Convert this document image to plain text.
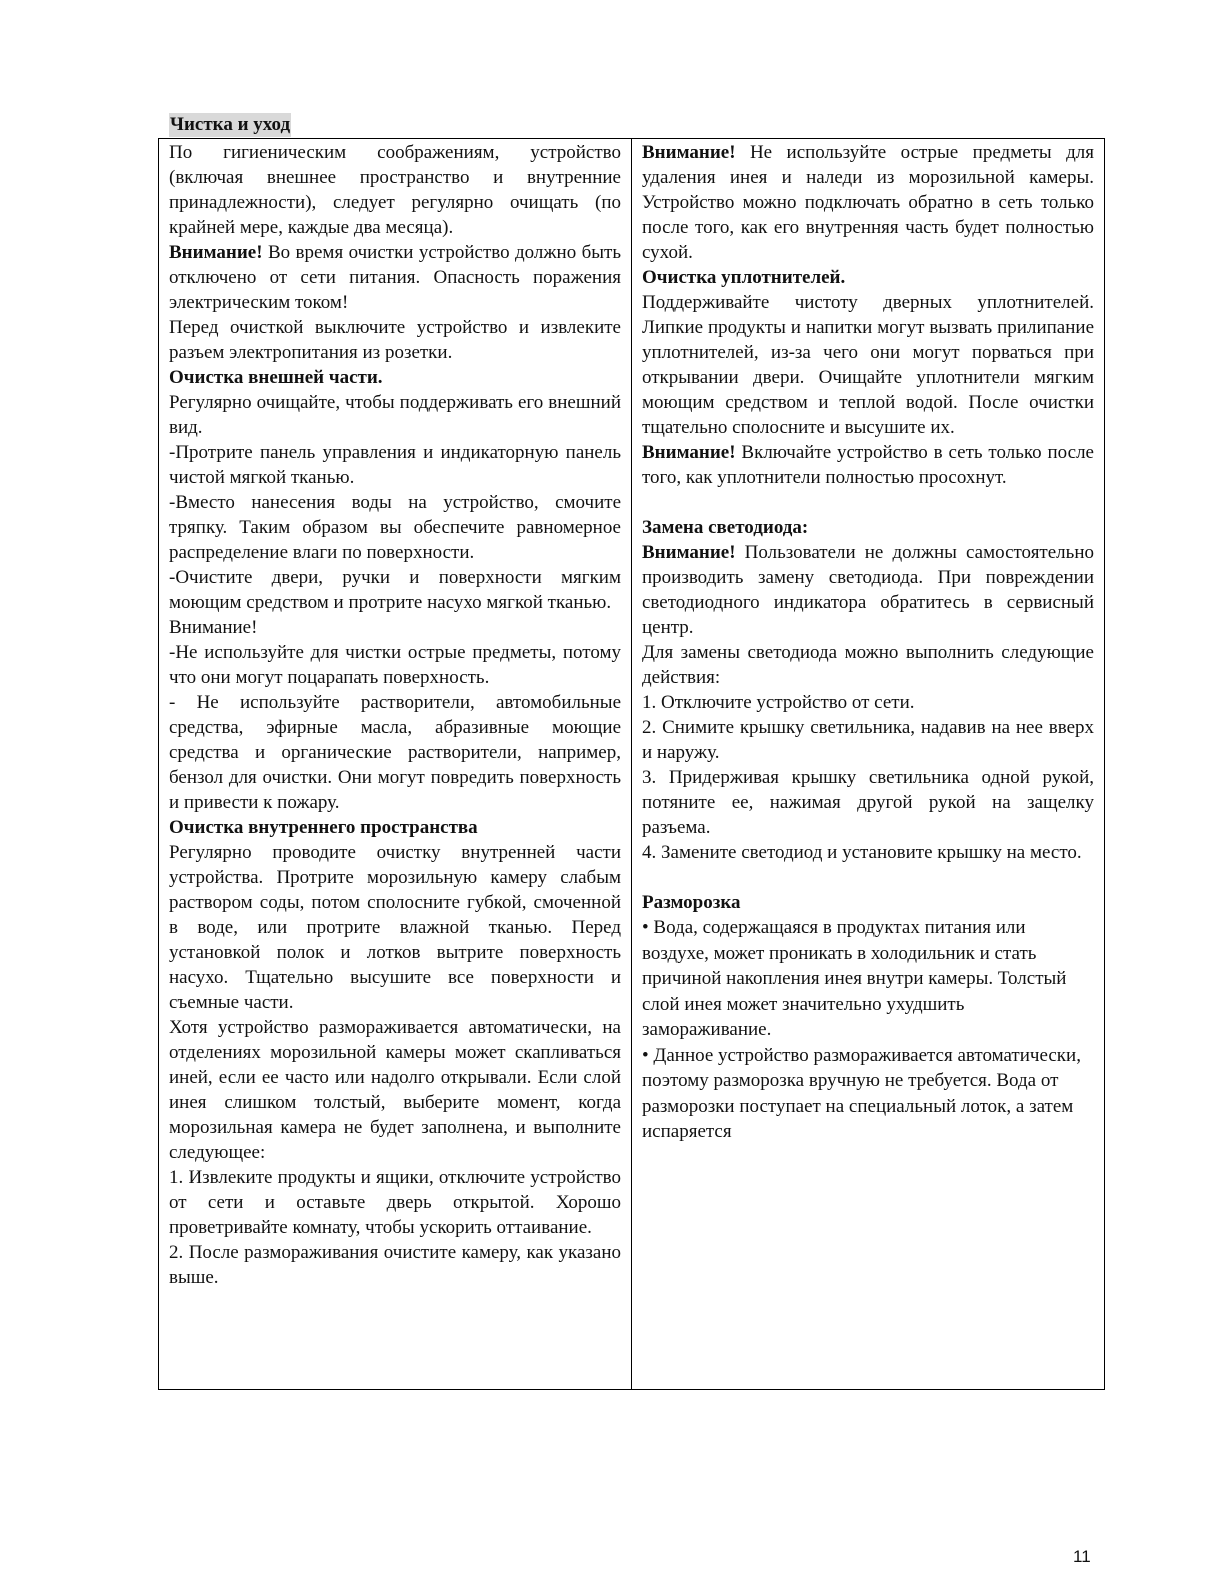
Чистка и уход

По гигиеническим соображениям, устройство (включая внешнее пространство и внутренние принадлежности), следует регулярно очищать (по крайней мере, каждые два месяца).

Внимание! Во время очистки устройство должно быть отключено от сети питания. Опасность поражения электрическим током!

Перед очисткой выключите устройство и извлеките разъем электропитания из розетки.

Очистка внешней части.

Регулярно очищайте, чтобы поддерживать его внешний вид.

-Протрите панель управления и индикаторную панель чистой мягкой тканью.

-Вместо нанесения воды на устройство, смочите тряпку. Таким образом вы обеспечите равномерное распределение влаги по поверхности.

-Очистите двери, ручки и поверхности мягким моющим средством и протрите насухо мягкой тканью.

Внимание!

-Не используйте для чистки острые предметы, потому что они могут поцарапать поверхность.

- Не используйте растворители, автомобильные средства, эфирные масла, абразивные моющие средства и органические растворители, например, бензол для очистки. Они могут повредить поверхность и привести к пожару.

Очистка внутреннего пространства

Регулярно проводите очистку внутренней части устройства. Протрите морозильную камеру слабым раствором соды, потом сполосните губкой, смоченной в воде, или протрите влажной тканью. Перед установкой полок и лотков вытрите поверхность насухо. Тщательно высушите все поверхности и съемные части.

Хотя устройство размораживается автоматически, на отделениях морозильной камеры может скапливаться иней, если ее часто или надолго открывали. Если слой инея слишком толстый, выберите момент, когда морозильная камера не будет заполнена, и выполните следующее:

1. Извлеките продукты и ящики, отключите устройство от сети и оставьте дверь открытой. Хорошо проветривайте комнату, чтобы ускорить оттаивание.

2. После размораживания очистите камеру, как указано выше.

Внимание! Не используйте острые предметы для удаления инея и наледи из морозильной камеры. Устройство можно подключать обратно в сеть только после того, как его внутренняя часть будет полностью сухой.

Очистка уплотнителей.

Поддерживайте чистоту дверных уплотнителей. Липкие продукты и напитки могут вызвать прилипание уплотнителей, из-за чего они могут порваться при открывании двери. Очищайте уплотнители мягким моющим средством и теплой водой. После очистки тщательно сполосните и высушите их.

Внимание! Включайте устройство в сеть только после того, как уплотнители полностью просохнут.

Замена светодиода:

Внимание! Пользователи не должны самостоятельно производить замену светодиода. При повреждении светодиодного индикатора обратитесь в сервисный центр.

Для замены светодиода можно выполнить следующие действия:

1. Отключите устройство от сети.

2. Снимите крышку светильника, надавив на нее вверх и наружу.

3. Придерживая крышку светильника одной рукой, потяните ее, нажимая другой рукой на защелку разъема.

4. Замените светодиод и установите крышку на место.

Разморозка

• Вода, содержащаяся в продуктах питания или воздухе, может проникать в холодильник и стать причиной накопления инея внутри камеры. Толстый слой инея может значительно ухудшить замораживание.

• Данное устройство размораживается автоматически, поэтому разморозка вручную не требуется. Вода от разморозки поступает на специальный лоток, а затем испаряется

11
